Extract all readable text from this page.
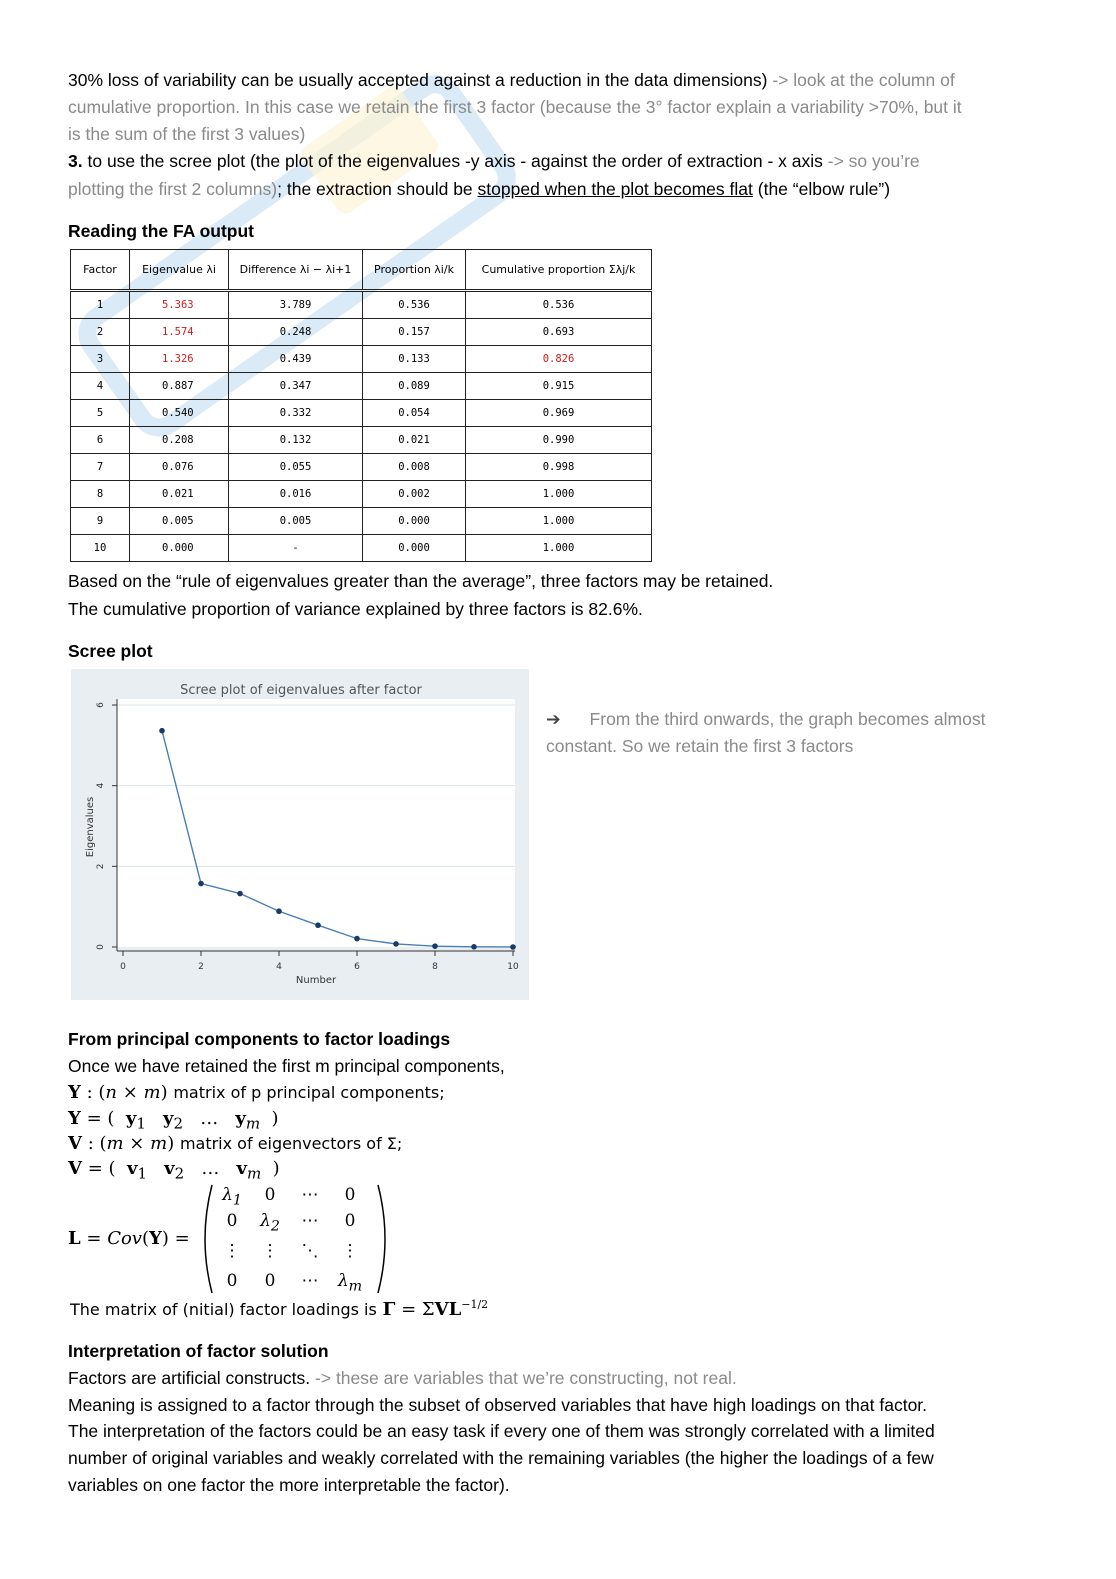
30% loss of variability can be usually accepted against a reduction in the data dimensions) -> look at the column of
cumulative proportion. In this case we retain the first 3 factor (because the 3° factor explain a variability >70%, but it
is the sum of the first 3 values)
3. to use the scree plot (the plot of the eigenvalues -y axis - against the order of extraction - x axis -> so you’re
plotting the first 2 columns); the extraction should be stopped when the plot becomes flat (the “elbow rule”)
Reading the FA output
Factor	Eigenvalue λi	Difference λi − λi+1	Proportion λi/k	Cumulative proportion Σλj/k
1	5.363	3.789	0.536	0.536
2	1.574	0.248	0.157	0.693
3	1.326	0.439	0.133	0.826
4	0.887	0.347	0.089	0.915
5	0.540	0.332	0.054	0.969
6	0.208	0.132	0.021	0.990
7	0.076	0.055	0.008	0.998
8	0.021	0.016	0.002	1.000
9	0.005	0.005	0.000	1.000
10	0.000	-	0.000	1.000
Based on the “rule of eigenvalues greater than the average”, three factors may be retained.
The cumulative proportion of variance explained by three factors is 82.6%.
Scree plot
Scree plot of eigenvalues after factor
Eigenvalues
Number
0
2
4
6
0	2	4	6	8	10
➔ From the third onwards, the graph becomes almost
constant. So we retain the first 3 factors
From principal components to factor loadings
Once we have retained the first m principal components,
Y : (n × m) matrix of p principal components;
Y = (  $y_1$ $y_2$   …   $y_m$  )
V : (m × m) matrix of eigenvectors of Σ;
V = (  $v_1$ $v_2$   …   $v_m$  )
L = Cov(Y) =
$\lambda_1$	0	⋯	0
0	$\lambda_2$	⋯	0
⋮	⋮	⋱	⋮
0	0	⋯	$\lambda_m$
The matrix of (nitial) factor loadings is $\Gamma = \Sigma VL^{-1/2}$
Interpretation of factor solution
Factors are artificial constructs. -> these are variables that we’re constructing, not real.
Meaning is assigned to a factor through the subset of observed variables that have high loadings on that factor.
The interpretation of the factors could be an easy task if every one of them was strongly correlated with a limited
number of original variables and weakly correlated with the remaining variables (the higher the loadings of a few
variables on one factor the more interpretable the factor).
